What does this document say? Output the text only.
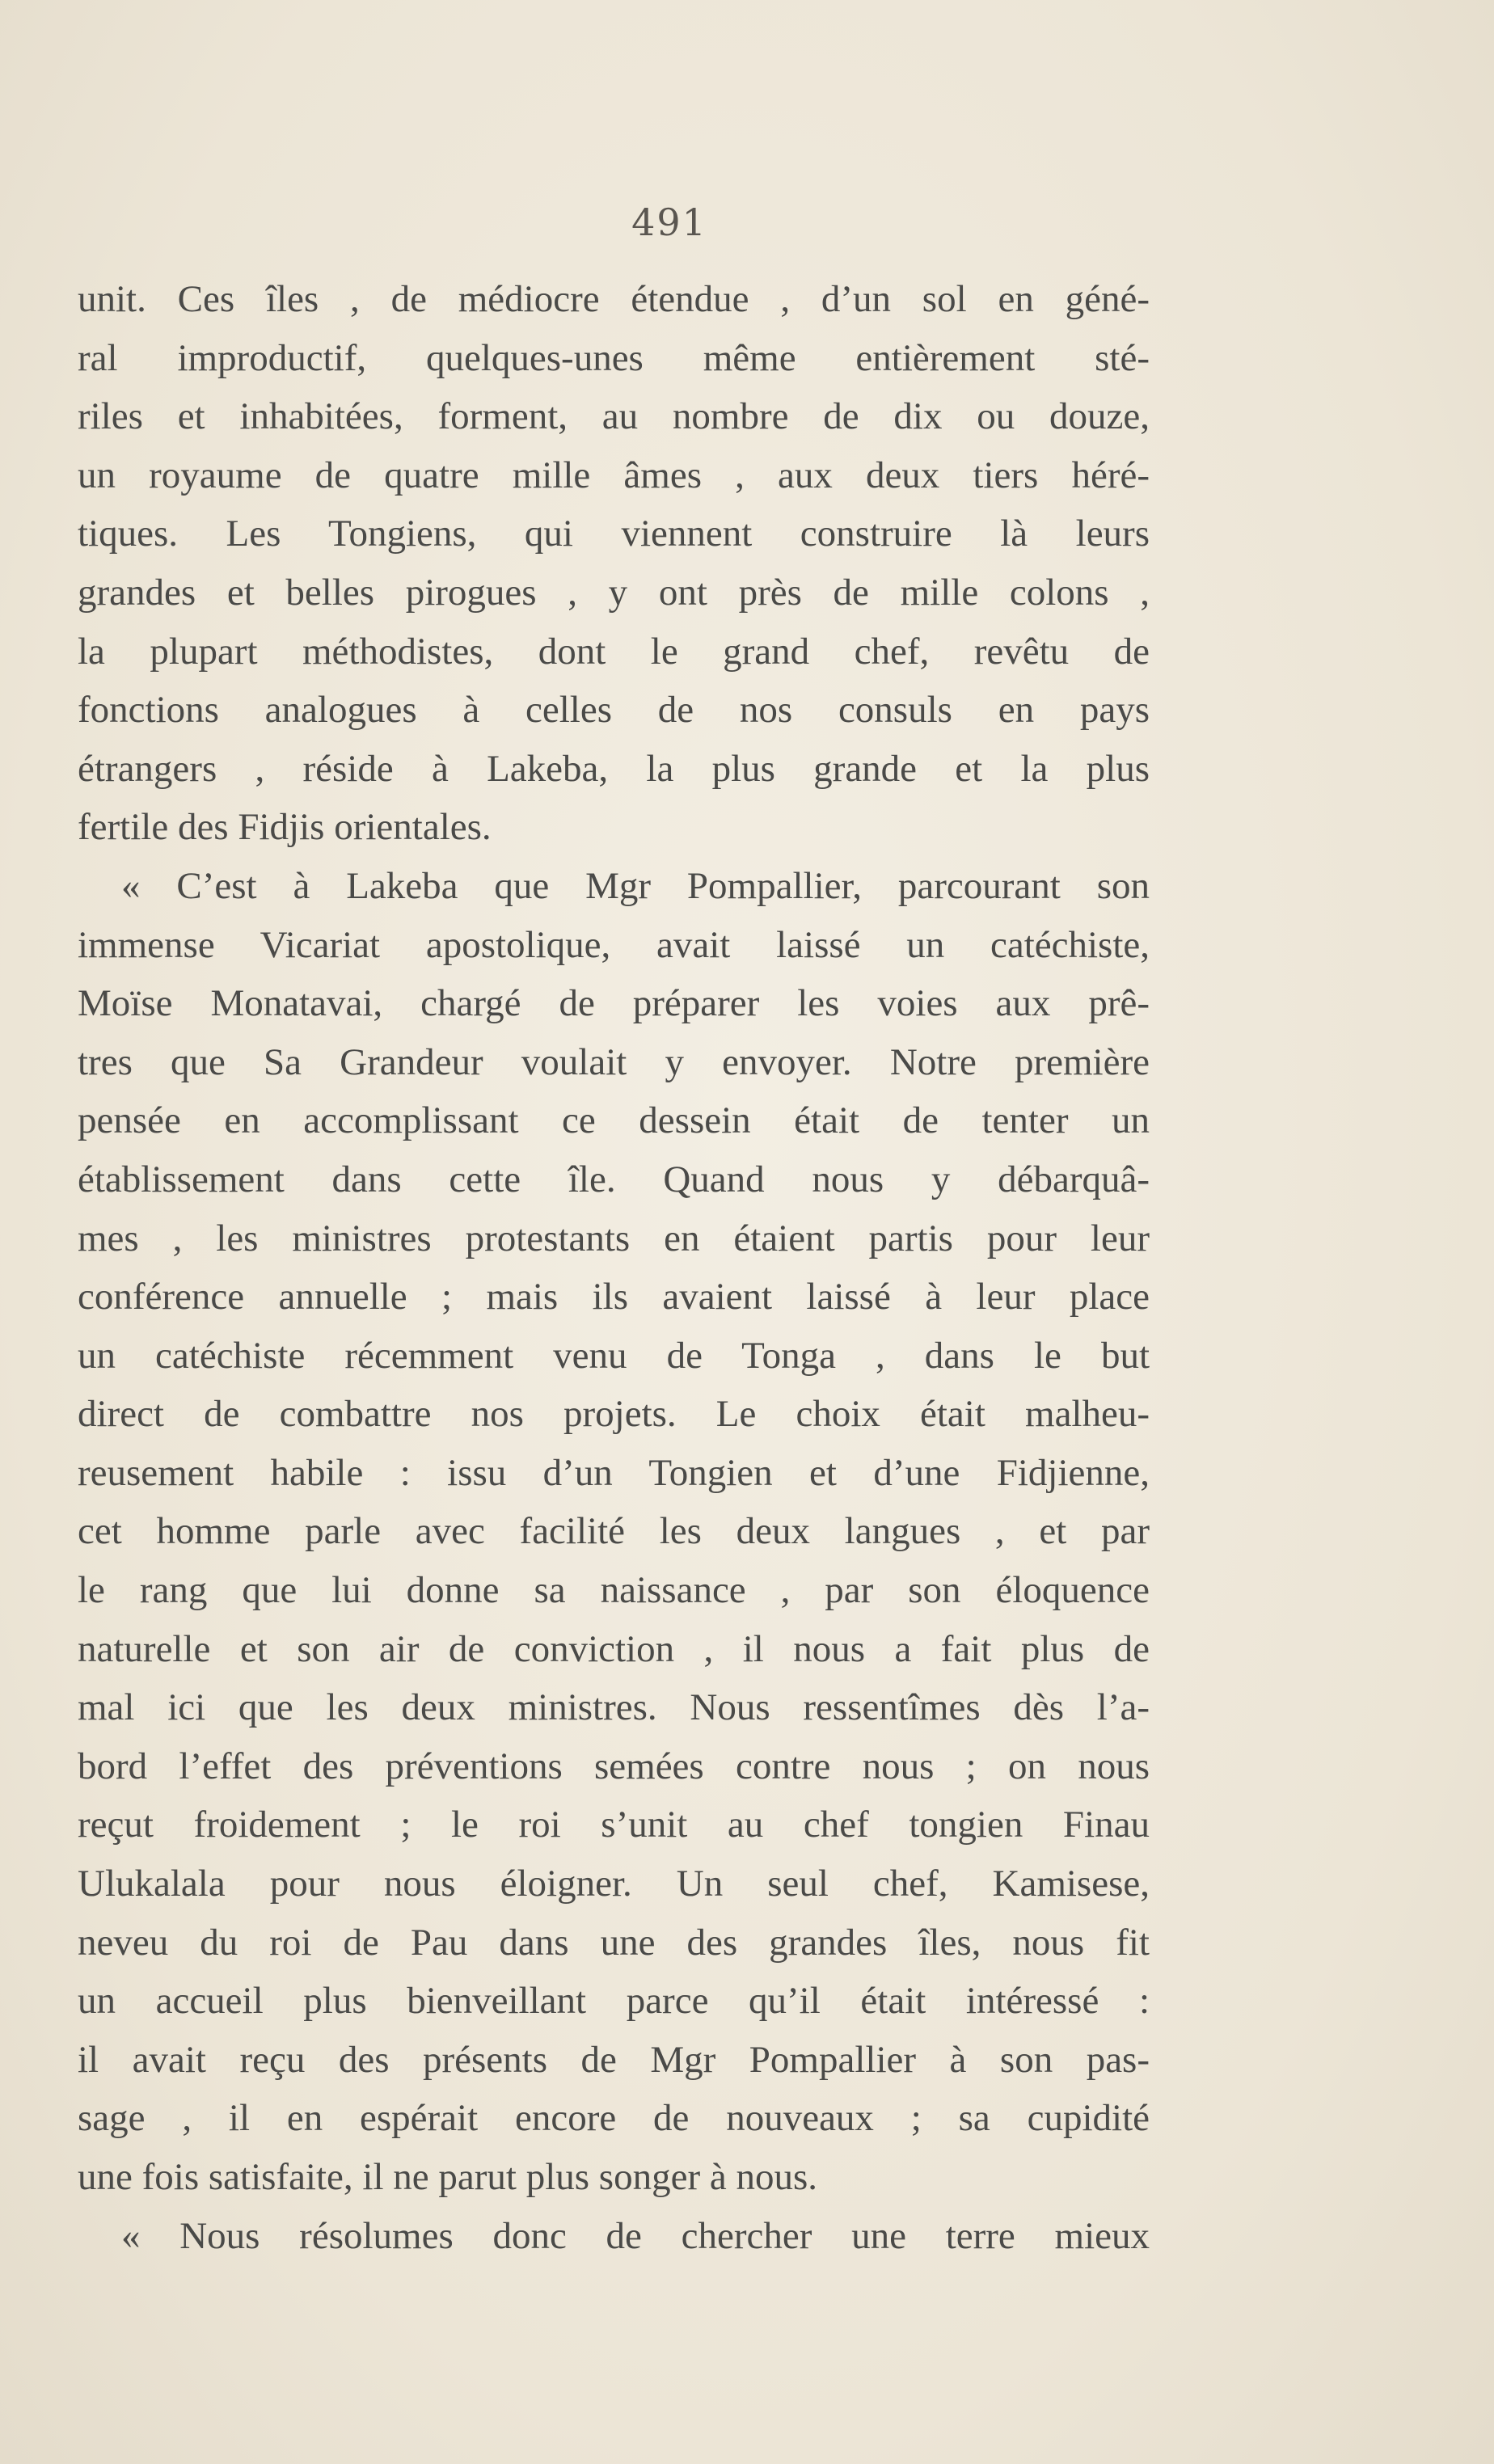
491
unit. Ces îles , de médiocre étendue , d’un sol en géné-
ral improductif, quelques-unes même entièrement sté-
riles et inhabitées, forment, au nombre de dix ou douze,
un royaume de quatre mille âmes , aux deux tiers héré-
tiques. Les Tongiens, qui viennent construire là leurs
grandes et belles pirogues , y ont près de mille colons ,
la plupart méthodistes, dont le grand chef, revêtu de
fonctions analogues à celles de nos consuls en pays
étrangers , réside à Lakeba, la plus grande et la plus
fertile des Fidjis orientales.
« C’est à Lakeba que Mgr Pompallier, parcourant son
immense Vicariat apostolique, avait laissé un catéchiste,
Moïse Monatavai, chargé de préparer les voies aux prê-
tres que Sa Grandeur voulait y envoyer. Notre première
pensée en accomplissant ce dessein était de tenter un
établissement dans cette île. Quand nous y débarquâ-
mes , les ministres protestants en étaient partis pour leur
conférence annuelle ; mais ils avaient laissé à leur place
un catéchiste récemment venu de Tonga , dans le but
direct de combattre nos projets. Le choix était malheu-
reusement habile : issu d’un Tongien et d’une Fidjienne,
cet homme parle avec facilité les deux langues , et par
le rang que lui donne sa naissance , par son éloquence
naturelle et son air de conviction , il nous a fait plus de
mal ici que les deux ministres. Nous ressentîmes dès l’a-
bord l’effet des préventions semées contre nous ; on nous
reçut froidement ; le roi s’unit au chef tongien Finau
Ulukalala pour nous éloigner. Un seul chef, Kamisese,
neveu du roi de Pau dans une des grandes îles, nous fit
un accueil plus bienveillant parce qu’il était intéressé :
il avait reçu des présents de Mgr Pompallier à son pas-
sage , il en espérait encore de nouveaux ; sa cupidité
une fois satisfaite, il ne parut plus songer à nous.
« Nous résolumes donc de chercher une terre mieux
